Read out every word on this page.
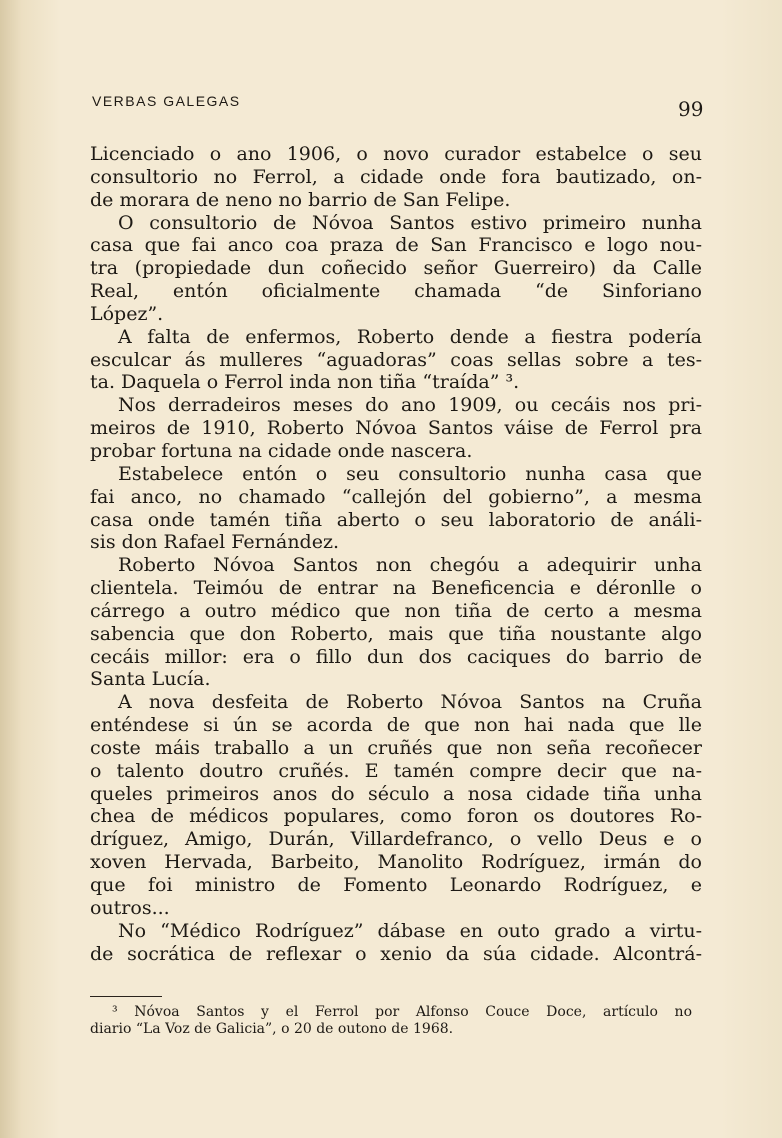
VERBAS GALEGAS	99
Licenciado o ano 1906, o novo curador estabelce o seu
consultorio no Ferrol, a cidade onde fora bautizado, on-
de morara de neno no barrio de San Felipe.
O consultorio de Nóvoa Santos estivo primeiro nunha
casa que fai anco coa praza de San Francisco e logo nou-
tra (propiedade dun coñecido señor Guerreiro) da Calle
Real, entón oficialmente chamada “de Sinforiano
López”.
A falta de enfermos, Roberto dende a fiestra podería
esculcar ás mulleres “aguadoras” coas sellas sobre a tes-
ta. Daquela o Ferrol inda non tiña “traída” ³.
Nos derradeiros meses do ano 1909, ou cecáis nos pri-
meiros de 1910, Roberto Nóvoa Santos váise de Ferrol pra
probar fortuna na cidade onde nascera.
Estabelece entón o seu consultorio nunha casa que
fai anco, no chamado “callejón del gobierno”, a mesma
casa onde tamén tiña aberto o seu laboratorio de análi-
sis don Rafael Fernández.
Roberto Nóvoa Santos non chegóu a adequirir unha
clientela. Teimóu de entrar na Beneficencia e déronlle o
cárrego a outro médico que non tiña de certo a mesma
sabencia que don Roberto, mais que tiña noustante algo
cecáis millor: era o fillo dun dos caciques do barrio de
Santa Lucía.
A nova desfeita de Roberto Nóvoa Santos na Cruña
enténdese si ún se acorda de que non hai nada que lle
coste máis traballo a un cruñés que non seña recoñecer
o talento doutro cruñés. E tamén compre decir que na-
queles primeiros anos do século a nosa cidade tiña unha
chea de médicos populares, como foron os doutores Ro-
dríguez, Amigo, Durán, Villardefranco, o vello Deus e o
xoven Hervada, Barbeito, Manolito Rodríguez, irmán do
que foi ministro de Fomento Leonardo Rodríguez, e
outros...
No “Médico Rodríguez” dábase en outo grado a virtu-
de socrática de reflexar o xenio da súa cidade. Alcontrá-
³ Nóvoa Santos y el Ferrol por Alfonso Couce Doce, artículo no
diario “La Voz de Galicia”, o 20 de outono de 1968.
